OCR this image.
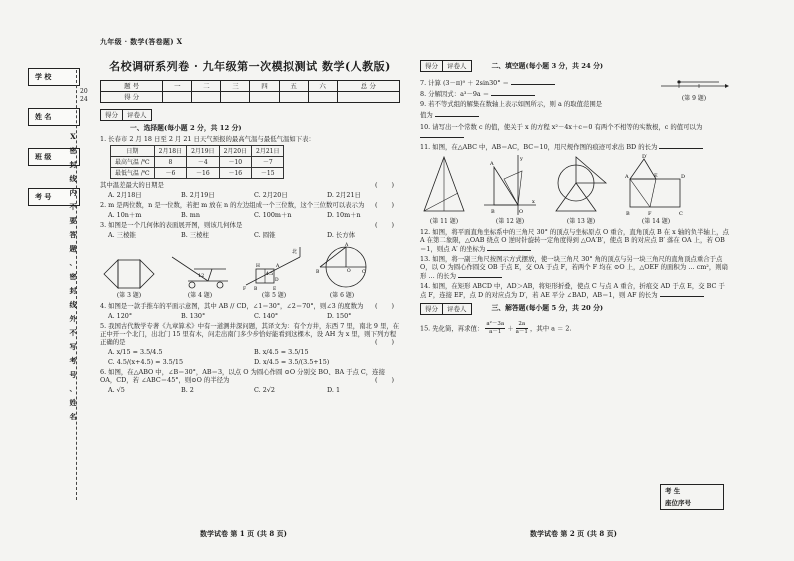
九年级 · 数学(答卷题) X
学 校
姓 名
班 级
考 号
2024
X 密 封 线 内 不 要 答 题 、 密 封 线 外 不 写 考 号 、 姓 名
名校调研系列卷 · 九年级第一次模拟测试 数学(人教版)
题 号	一	二	三	四	五	六	总 分
得 分							
得分	评卷人
一、选择题(每小题 2 分，共 12 分)

1. 长春市 2 月 18 日至 2 月 21 日天气预报的最高气温与最低气温如下表：

日期	2月18日	2月19日	2月20日	2月21日
最高气温 /℃	8	－4	－10	－7
最低气温 /℃	－6	－16	－16	－15

其中温差最大的日期是	( )

A. 2月18日	B. 2月19日	C. 2月20日	D. 2月21日

2. m 是两位数，n 是一位数，若把 m 放在 n 的左边组成一个三位数，这个三位数可以表示为 ( )

A. 10n＋m	B. mn	C. 100m＋n	D. 10m＋n

3. 如图是一个几何体的表面展开图，则该几何体是	( )

A. 三棱锥	B. 三棱柱	C. 圆锥	D. 长方体
(第 3 题)
12
(第 4 题)
北
H
4.5
A
D
F B	E
(第 5 题)
O
B
A
C
(第 6 题)

4. 如图是一款手推车的平面示意图，其中 AB // CD，∠1＝30°，∠2＝70°，则∠3 的度数为 ( )

A. 120°	B. 130°	C. 140°	D. 150°

5. 我国古代数学专著《九章算术》中有一道测井深问题，其译文为：有个方井，东西 7 里，南北 9 里，在正中开一个北门，出北门 15 里有木，问走出南门多少步恰好能看到这棵木，设 AH 为 x 里，则下列方程正确的是	( )

A. x/15 = 3.5/4.5	B. x/4.5 = 3.5/15
C. 4.5/(x+4.5) = 3.5/15	D. x/4.5 = 3.5/(3.5+15)

6. 如图，在△ABO 中，∠B＝30°，AB＝3，以点 O 为圆心作圆 ⊙O 分别交 BO、BA 于点 C，连接 OA，CD，若 ∠ABC＝45°，则⊙O 的半径为	( )

A. √5	B. 2	C. 2√2	D. 1
数学试卷 第 1 页 (共 8 页)
得分	评卷人	二、填空题(每小题 3 分，共 24 分)

7. 计算 (3－π)⁰ ＋ 2sin30° ＝

8. 分解因式：a³－9a ＝

9. 若不等式组的解集在数轴上表示如图所示，则 a 的取值范围是

值为

(第 9 题)

10. 请写出一个常数 c 的值，使关于 x 的方程 x²－4x＋c＝0 有两个不相等的实数根，c 的值可以为

11. 如图，在△ABC 中，AB＝AC，BC＝10，用尺规作图的痕迹可求出 BD 的长为

(第 11 题)
y
A
B	O
x
(第 12 题)	(第 13 题)
D′
A	E	D
B	F	C
(第 14 题)

12. 如图，将平面直角坐标系中的三角尺 30° 的顶点与坐标原点 O 重合，直角顶点 B 在 x 轴的负半轴上，点 A 在第二象限，△OAB 绕点 O 逆时针旋转一定角度得到 △OA′B′，使点 B 的对应点 B′ 落在 OA 上，若 OB＝1，则点 A′ 的坐标为

13. 如图，将一副三角尺按图示方式摆放，使一块三角尺 30° 角的顶点与另一块三角尺的直角顶点重合于点 O，以 O 为圆心作圆交 OB 于点 E，交 OA 于点 F，若两个 F 均在 ⊙O 上，△OEF 的面积为 … cm²，则扇形 … 的长为

14. 如图，在矩形 ABCD 中，AD＞AB，将矩形折叠，使点 C 与点 A 重合，折痕交 AD 于点 E，交 BC 于点 F，连接 EF，点 D 的对应点为 D′，若 AE 平分 ∠BAD，AB＝1，则 AF 的长为

得分	评卷人	三、解答题(每小题 5 分，共 20 分)

15. 先化简，再求值： $\frac{\text{a²－3a}}{a-1} + \frac{2a}{a-1}$ ，其中 a ＝ 2.

考 生
座位序号
数学试卷 第 2 页 (共 8 页)
